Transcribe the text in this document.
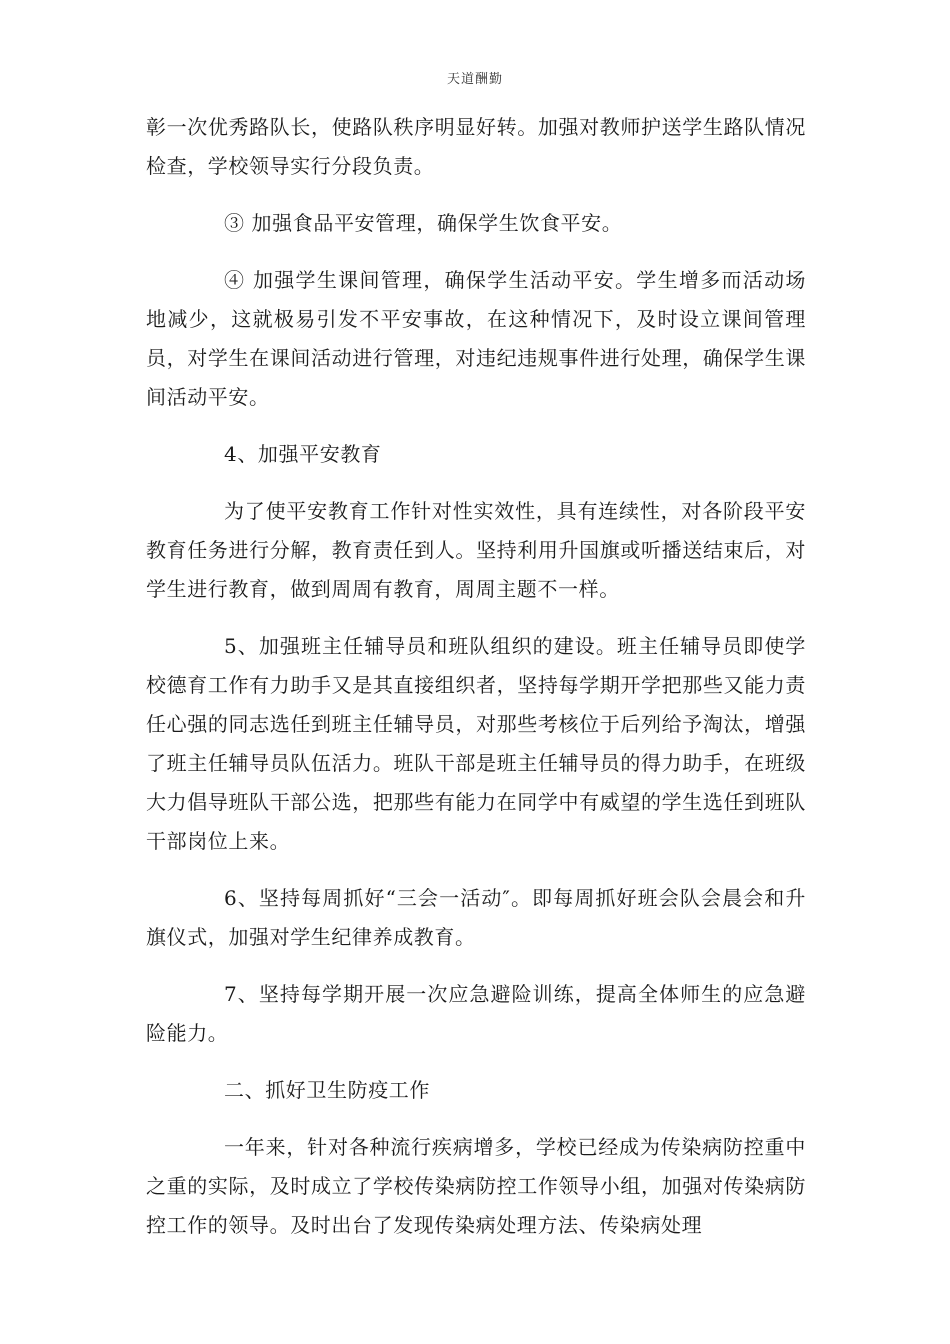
天道酬勤

彰一次优秀路队长，使路队秩序明显好转。加强对教师护送学生路队情况检查，学校领导实行分段负责。

③ 加强食品平安管理，确保学生饮食平安。

④ 加强学生课间管理，确保学生活动平安。学生增多而活动场地减少，这就极易引发不平安事故，在这种情况下，及时设立课间管理员，对学生在课间活动进行管理，对违纪违规事件进行处理，确保学生课间活动平安。

4、加强平安教育

为了使平安教育工作针对性实效性，具有连续性，对各阶段平安教育任务进行分解，教育责任到人。坚持利用升国旗或听播送结束后，对学生进行教育，做到周周有教育，周周主题不一样。

5、加强班主任辅导员和班队组织的建设。班主任辅导员即使学校德育工作有力助手又是其直接组织者，坚持每学期开学把那些又能力责任心强的同志选任到班主任辅导员，对那些考核位于后列给予淘汰，增强了班主任辅导员队伍活力。班队干部是班主任辅导员的得力助手，在班级大力倡导班队干部公选，把那些有能力在同学中有威望的学生选任到班队干部岗位上来。

6、坚持每周抓好“三会一活动″。即每周抓好班会队会晨会和升旗仪式，加强对学生纪律养成教育。

7、坚持每学期开展一次应急避险训练，提高全体师生的应急避险能力。

二、抓好卫生防疫工作

一年来，针对各种流行疾病增多，学校已经成为传染病防控重中之重的实际，及时成立了学校传染病防控工作领导小组，加强对传染病防控工作的领导。及时出台了发现传染病处理方法、传染病处理
